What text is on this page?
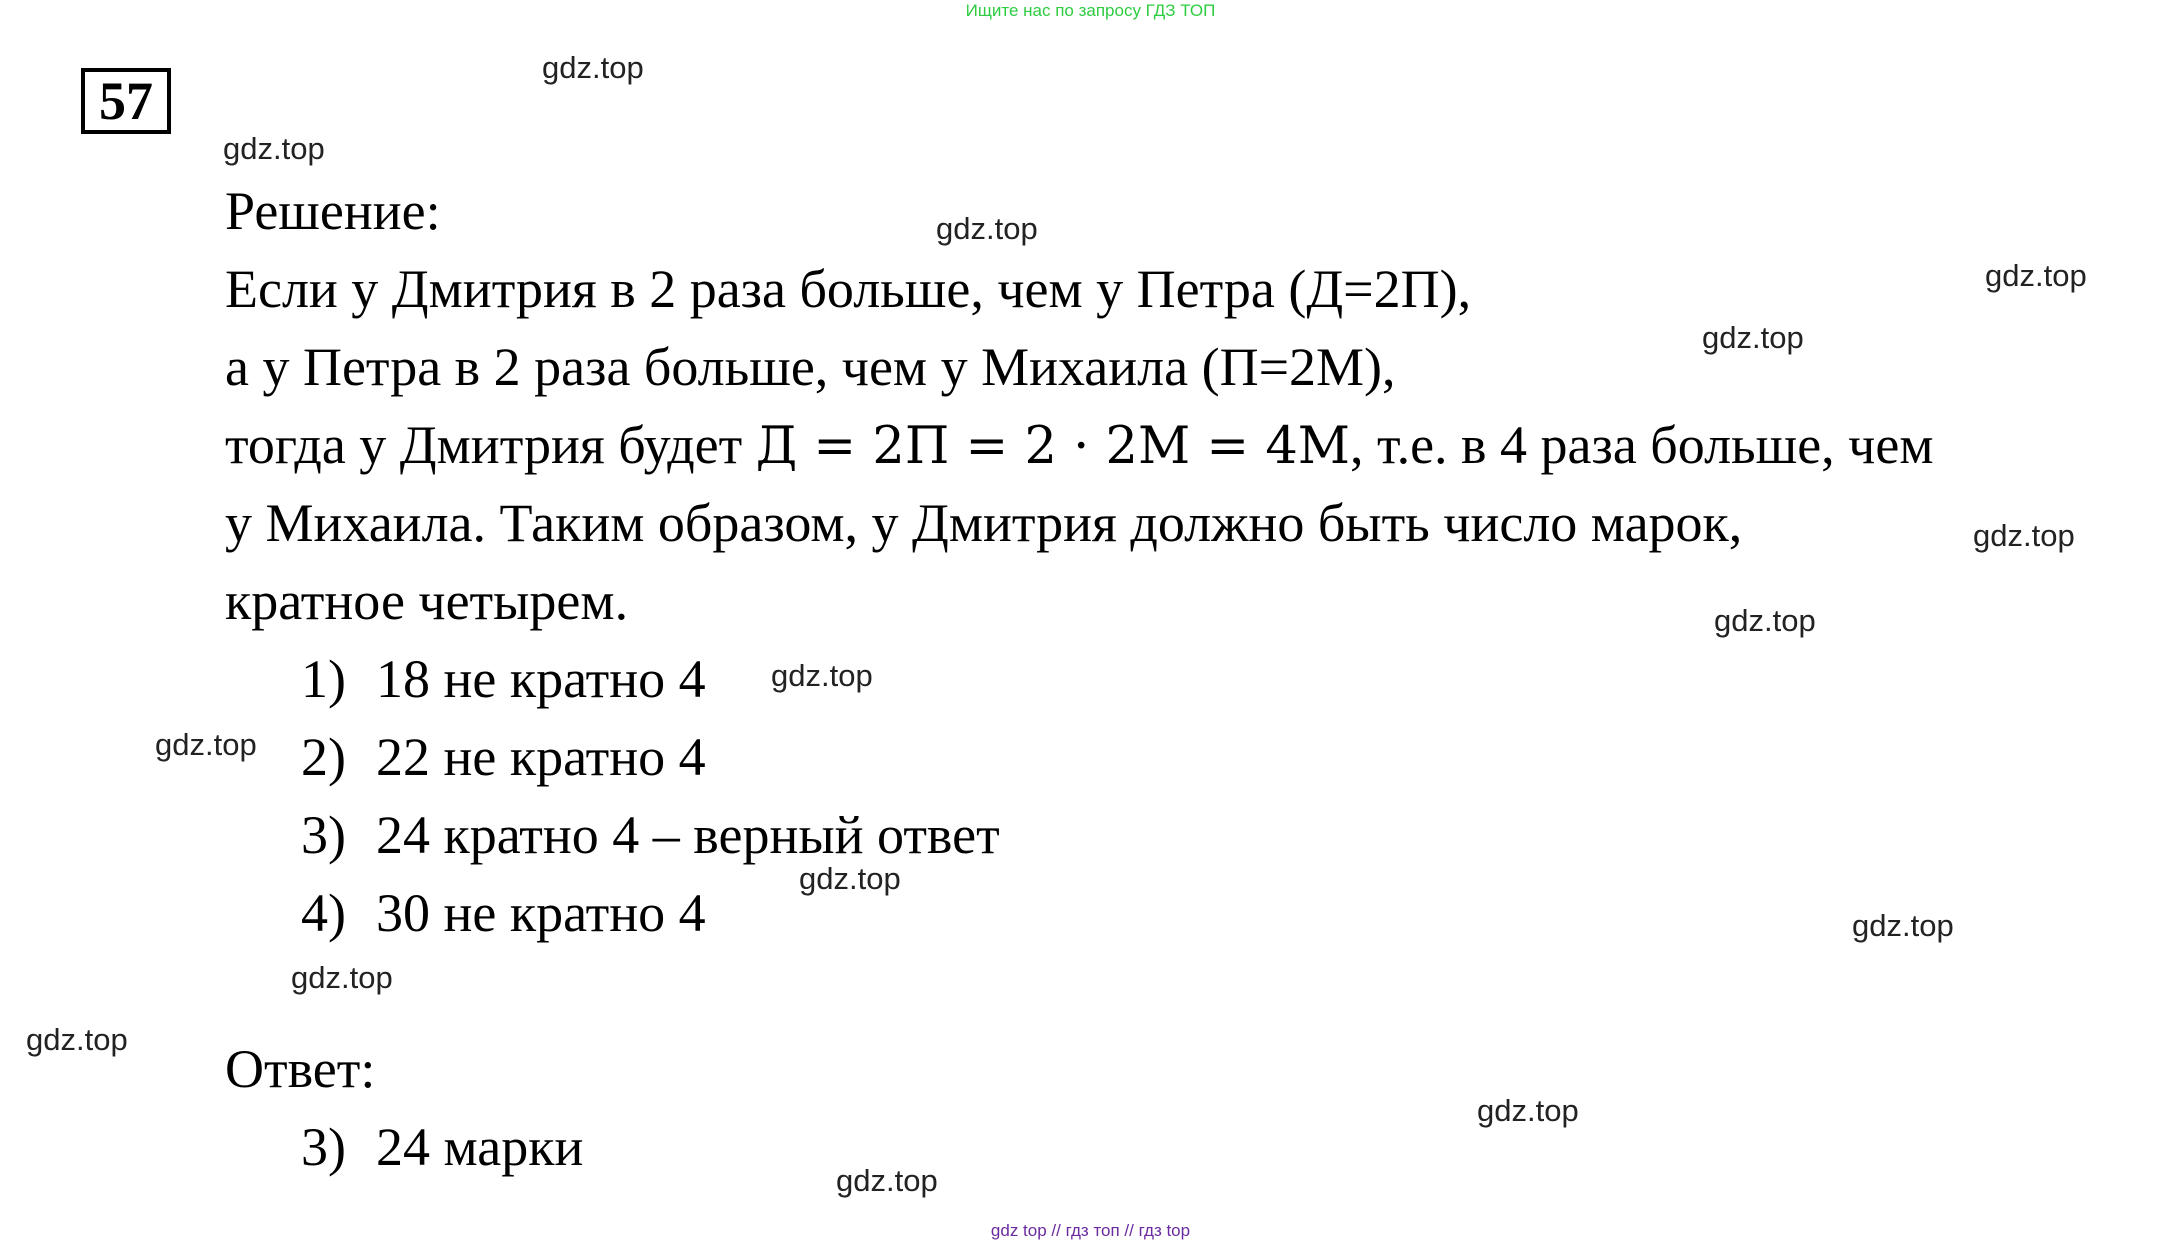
Ищите нас по запросу ГДЗ ТОП
57
Решение:
Если у Дмитрия в 2 раза больше, чем у Петра (Д=2П),
а у Петра в 2 раза больше, чем у Михаила (П=2М),
тогда у Дмитрия будет Д = 2П = 2 · 2М = 4М, т.е. в 4 раза больше, чем
у Михаила. Таким образом, у Дмитрия должно быть число марок,
кратное четырем.
1) 18 не кратно 4
2) 22 не кратно 4
3) 24 кратно 4 – верный ответ
4) 30 не кратно 4
Ответ:
3) 24 марки
gdz.top
gdz.top
gdz.top
gdz.top
gdz.top
gdz.top
gdz.top
gdz.top
gdz.top
gdz.top
gdz.top
gdz.top
gdz.top
gdz.top
gdz.top
gdz top // гдз топ // гдз top
